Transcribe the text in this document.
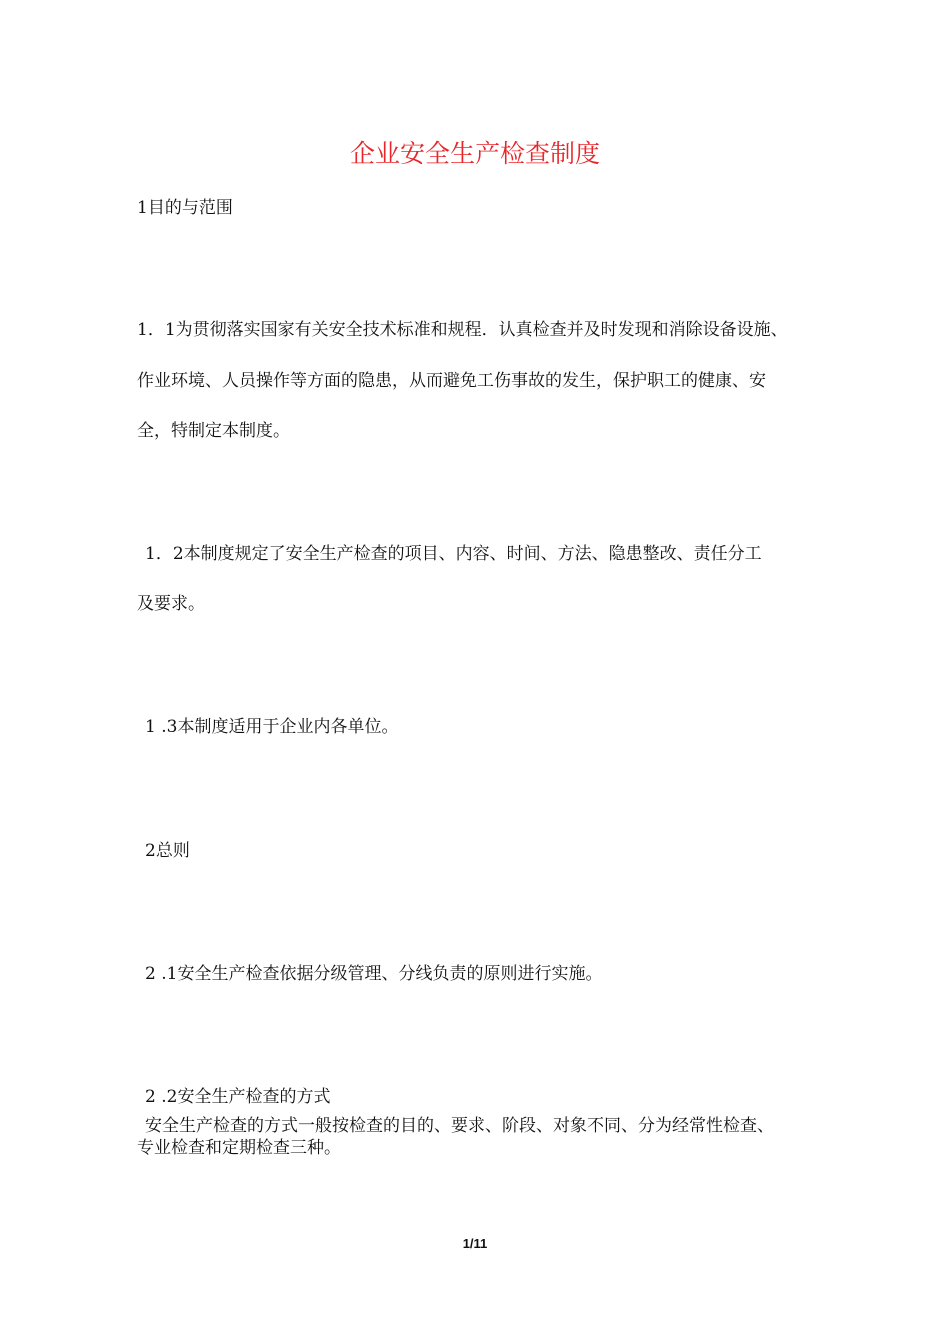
企业安全生产检查制度
1目的与范围
1．1为贯彻落实国家有关安全技术标准和规程．认真检查并及时发现和消除设备设施、
作业环境、人员操作等方面的隐患，从而避免工伤事故的发生，保护职工的健康、安
全，特制定本制度。
1．2本制度规定了安全生产检查的项目、内容、时间、方法、隐患整改、责任分工
及要求。
1 .3本制度适用于企业内各单位。
2总则
2 .1安全生产检查依据分级管理、分线负责的原则进行实施。
2 .2安全生产检查的方式
安全生产检查的方式一般按检查的目的、要求、阶段、对象不同、分为经常性检查、
专业检查和定期检查三种。
1/11
